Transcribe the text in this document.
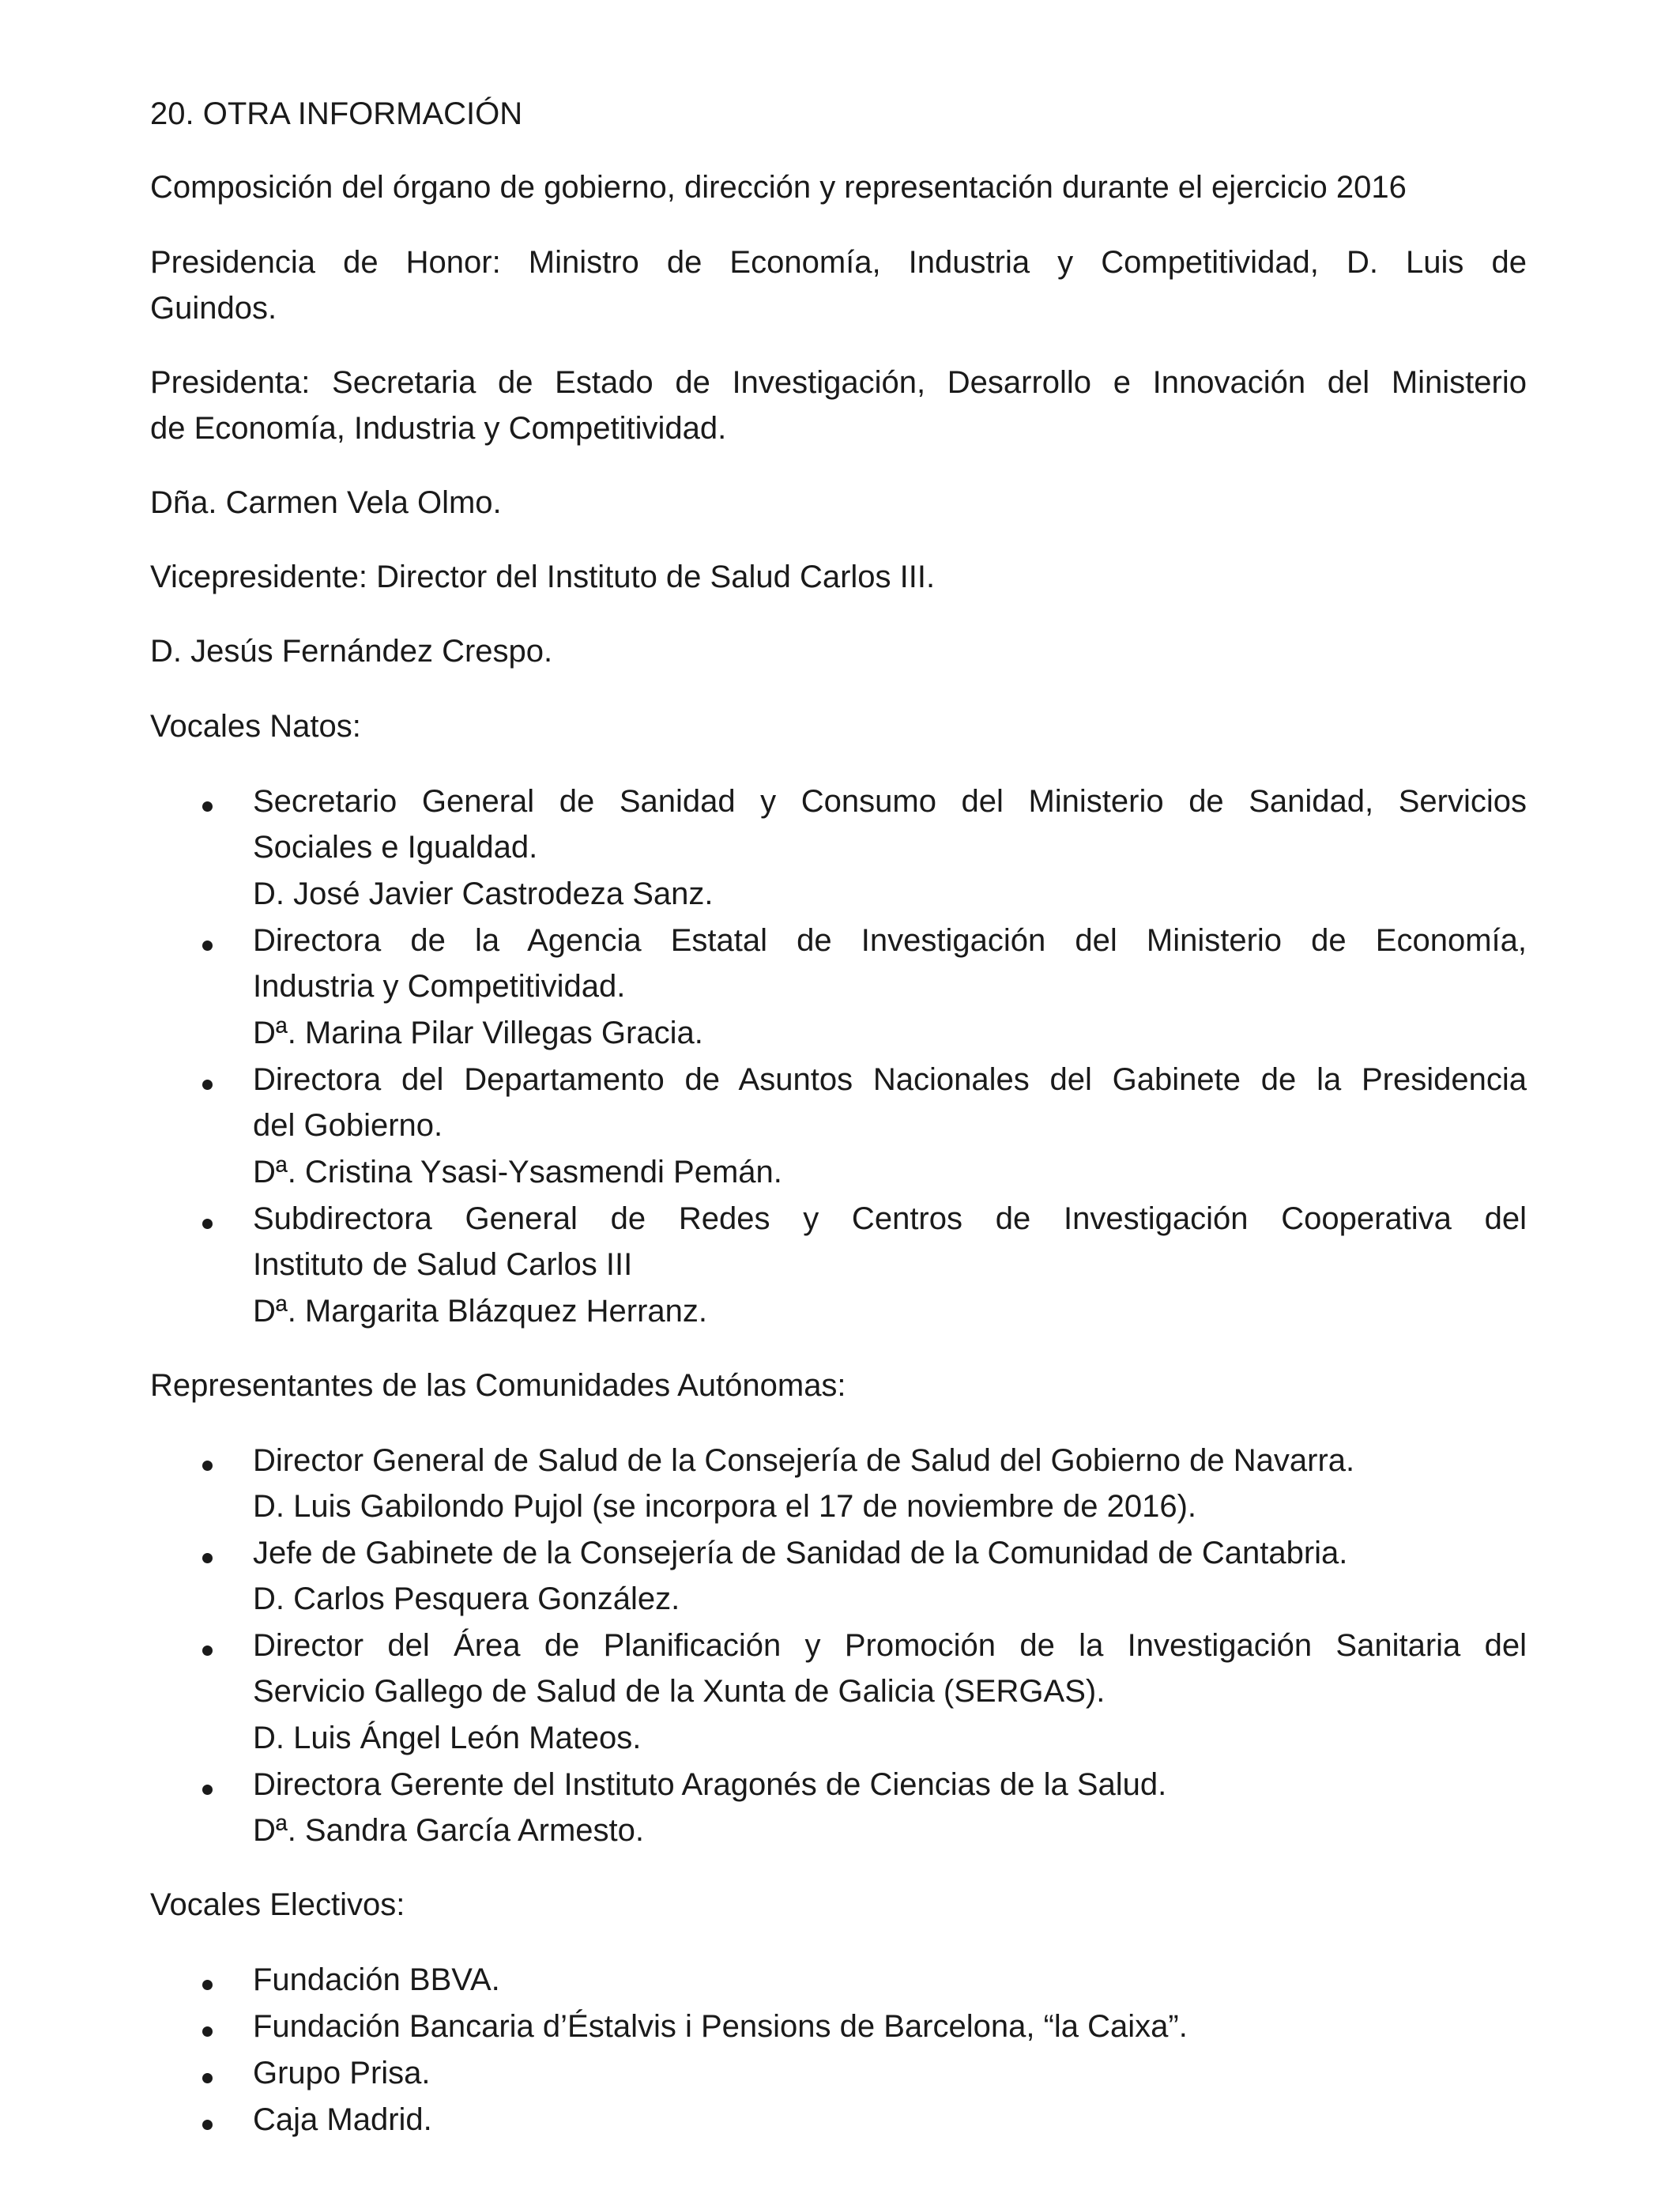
20. OTRA INFORMACIÓN
Composición del órgano de gobierno, dirección y representación durante el ejercicio 2016
Presidencia de Honor: Ministro de Economía, Industria y Competitividad, D. Luis de
Guindos.
Presidenta: Secretaria de Estado de Investigación, Desarrollo e Innovación del Ministerio
de Economía, Industria y Competitividad.
Dña. Carmen Vela Olmo.
Vicepresidente: Director del Instituto de Salud Carlos III.
D. Jesús Fernández Crespo.
Vocales Natos:
Secretario General de Sanidad y Consumo del Ministerio de Sanidad, Servicios
Sociales e Igualdad.
D. José Javier Castrodeza Sanz.
Directora de la Agencia Estatal de Investigación del Ministerio de Economía,
Industria y Competitividad.
Dª. Marina Pilar Villegas Gracia.
Directora del Departamento de Asuntos Nacionales del Gabinete de la Presidencia
del Gobierno.
Dª. Cristina Ysasi-Ysasmendi Pemán.
Subdirectora General de Redes y Centros de Investigación Cooperativa del
Instituto de Salud Carlos III
Dª. Margarita Blázquez Herranz.
Representantes de las Comunidades Autónomas:
Director General de Salud de la Consejería de Salud del Gobierno de Navarra.
D. Luis Gabilondo Pujol (se incorpora el 17 de noviembre de 2016).
Jefe de Gabinete de la Consejería de Sanidad de la Comunidad de Cantabria.
D. Carlos Pesquera González.
Director del Área de Planificación y Promoción de la Investigación Sanitaria del
Servicio Gallego de Salud de la Xunta de Galicia (SERGAS).
D. Luis Ángel León Mateos.
Directora Gerente del Instituto Aragonés de Ciencias de la Salud.
Dª. Sandra García Armesto.
Vocales Electivos:
Fundación BBVA.
Fundación Bancaria d’Éstalvis i Pensions de Barcelona, “la Caixa”.
Grupo Prisa.
Caja Madrid.
